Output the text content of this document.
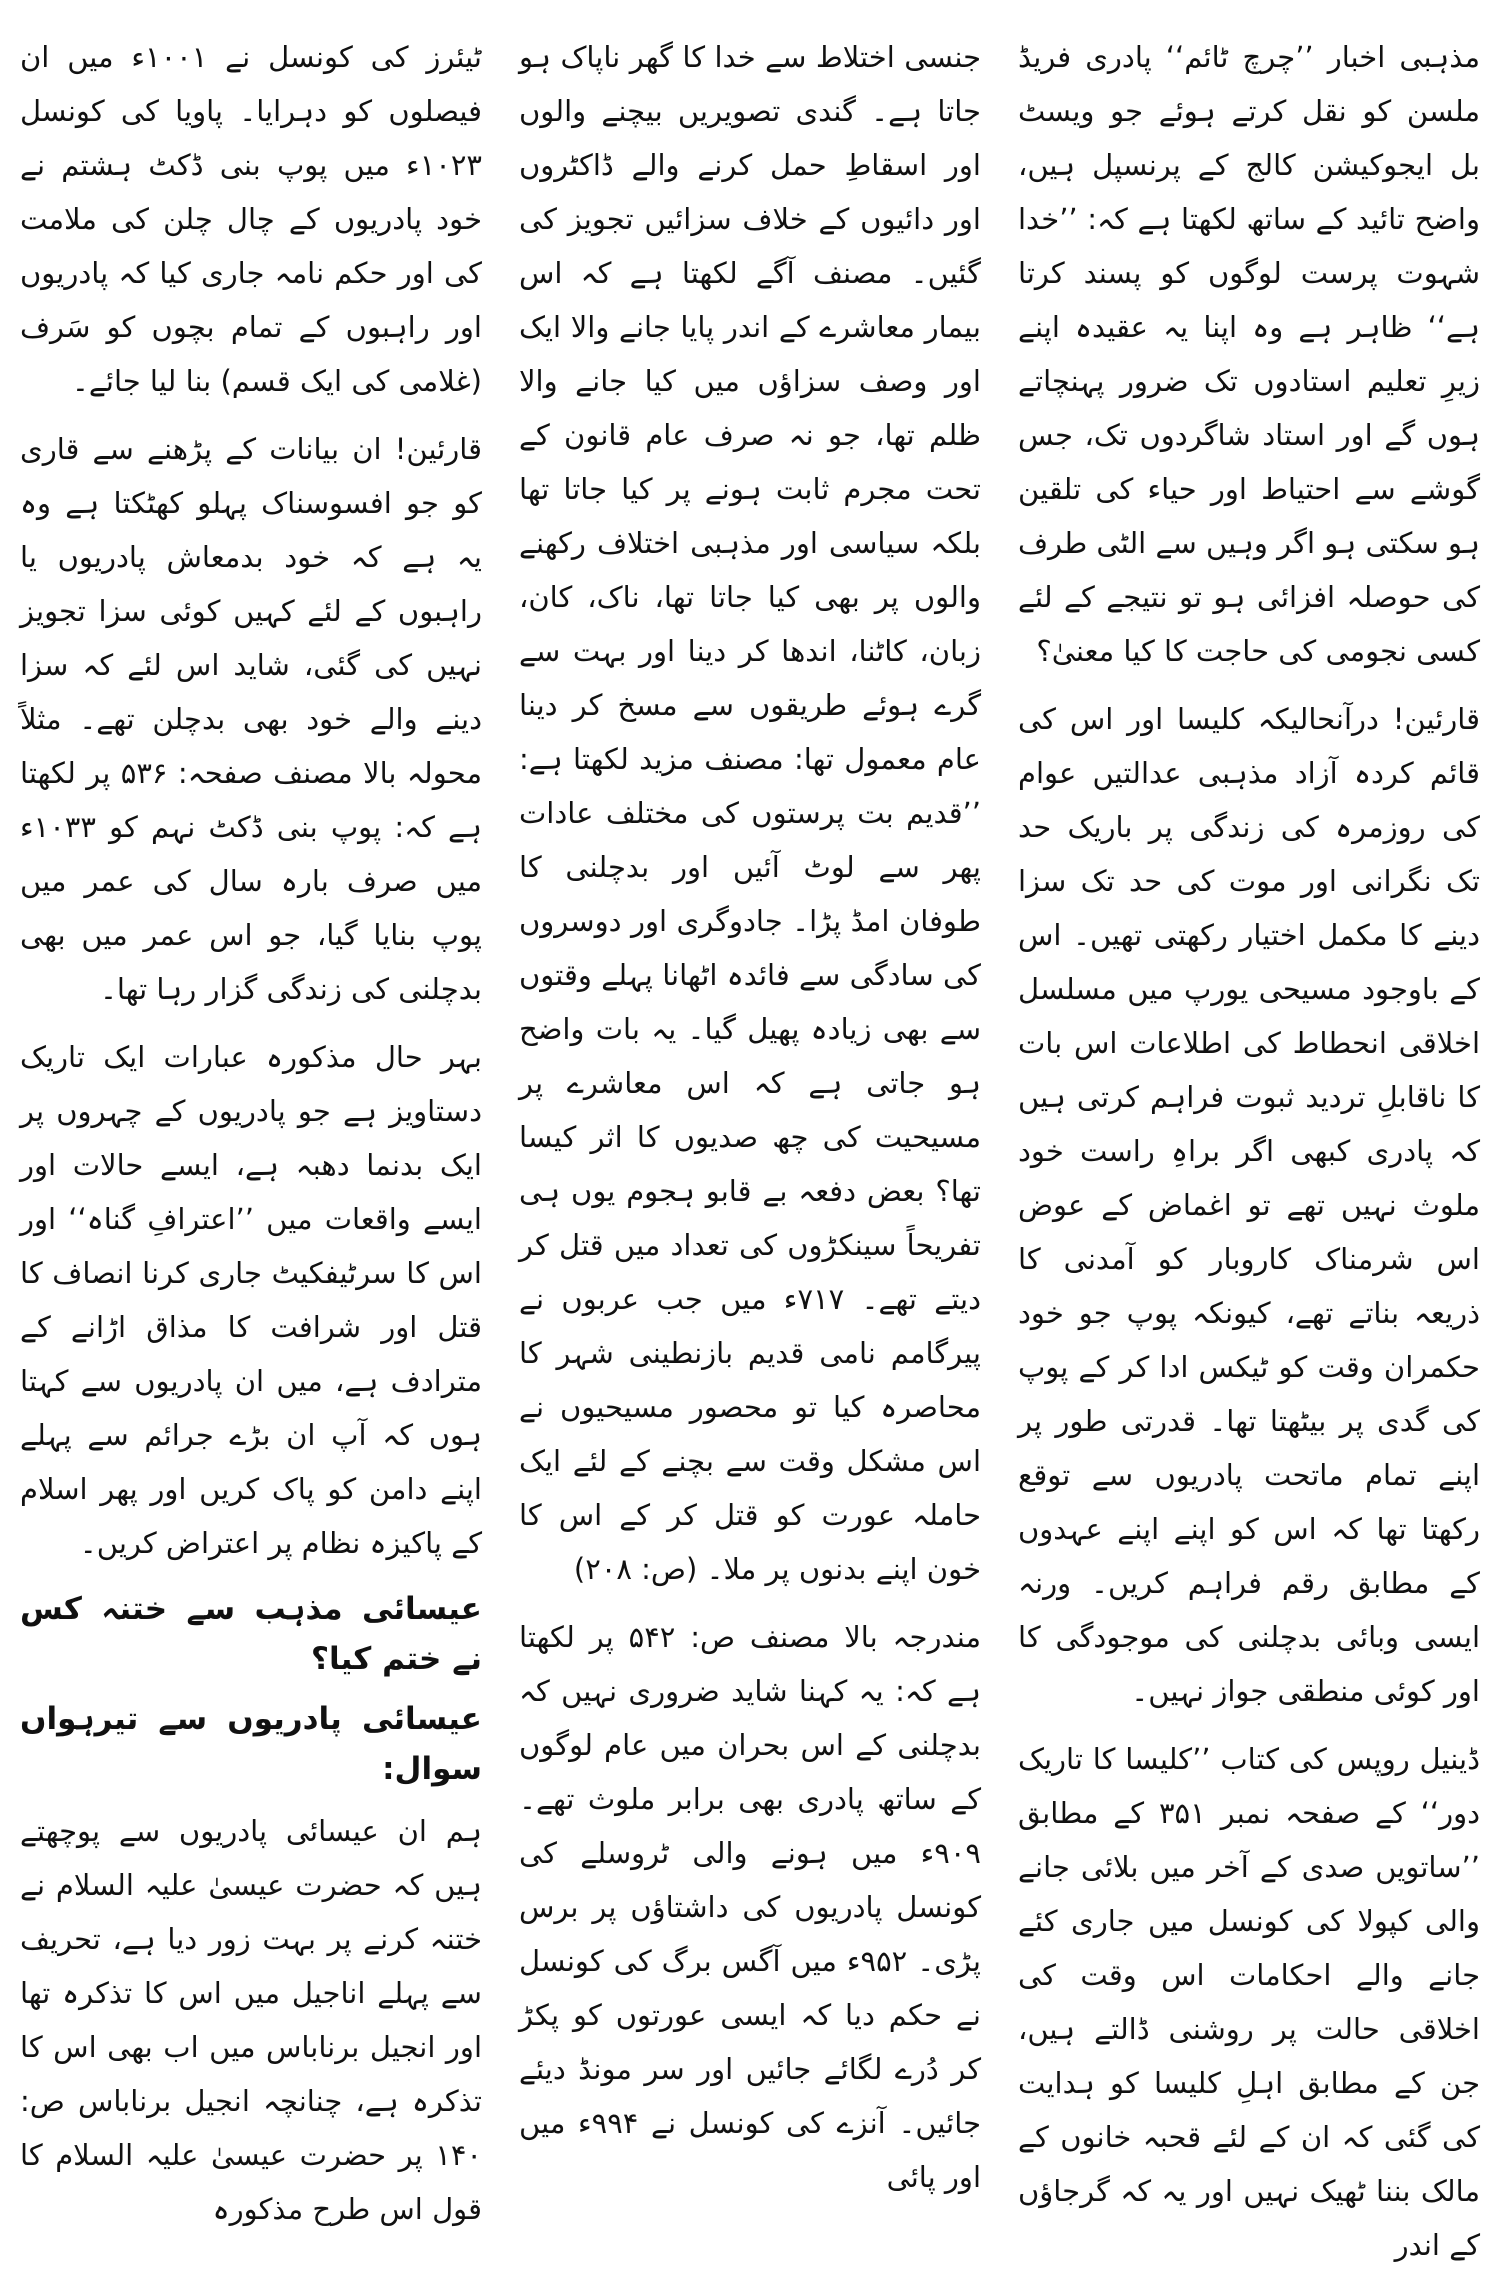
مذہبی اخبار ’’چرچ ٹائم‘‘ پادری فریڈ ملسن کو نقل کرتے ہوئے جو ویسٹ بل ایجوکیشن کالج کے پرنسپل ہیں، واضح تائید کے ساتھ لکھتا ہے کہ: ’’خدا شہوت پرست لوگوں کو پسند کرتا ہے‘‘ ظاہر ہے وہ اپنا یہ عقیدہ اپنے زیرِ تعلیم استادوں تک ضرور پہنچاتے ہوں گے اور استاد شاگردوں تک، جس گوشے سے احتیاط اور حیاء کی تلقین ہو سکتی ہو اگر وہیں سے الٹی طرف کی حوصلہ افزائی ہو تو نتیجے کے لئے کسی نجومی کی حاجت کا کیا معنیٰ؟

قارئین! درآنحالیکہ کلیسا اور اس کی قائم کردہ آزاد مذہبی عدالتیں عوام کی روزمرہ کی زندگی پر باریک حد تک نگرانی اور موت کی حد تک سزا دینے کا مکمل اختیار رکھتی تھیں۔ اس کے باوجود مسیحی یورپ میں مسلسل اخلاقی انحطاط کی اطلاعات اس بات کا ناقابلِ تردید ثبوت فراہم کرتی ہیں کہ پادری کبھی اگر براہِ راست خود ملوث نہیں تھے تو اغماض کے عوض اس شرمناک کاروبار کو آمدنی کا ذریعہ بناتے تھے، کیونکہ پوپ جو خود حکمران وقت کو ٹیکس ادا کر کے پوپ کی گدی پر بیٹھتا تھا۔ قدرتی طور پر اپنے تمام ماتحت پادریوں سے توقع رکھتا تھا کہ اس کو اپنے اپنے عہدوں کے مطابق رقم فراہم کریں۔ ورنہ ایسی وبائی بدچلنی کی موجودگی کا اور کوئی منطقی جواز نہیں۔

ڈینیل روپس کی کتاب ’’کلیسا کا تاریک دور‘‘ کے صفحہ نمبر ۳۵۱ کے مطابق ’’ساتویں صدی کے آخر میں بلائی جانے والی کپولا کی کونسل میں جاری کئے جانے والے احکامات اس وقت کی اخلاقی حالت پر روشنی ڈالتے ہیں، جن کے مطابق اہلِ کلیسا کو ہدایت کی گئی کہ ان کے لئے قحبہ خانوں کے مالک بننا ٹھیک نہیں اور یہ کہ گرجاؤں کے اندر

جنسی اختلاط سے خدا کا گھر ناپاک ہو جاتا ہے۔ گندی تصویریں بیچنے والوں اور اسقاطِ حمل کرنے والے ڈاکٹروں اور دائیوں کے خلاف سزائیں تجویز کی گئیں۔ مصنف آگے لکھتا ہے کہ اس بیمار معاشرے کے اندر پایا جانے والا ایک اور وصف سزاؤں میں کیا جانے والا ظلم تھا، جو نہ صرف عام قانون کے تحت مجرم ثابت ہونے پر کیا جاتا تھا بلکہ سیاسی اور مذہبی اختلاف رکھنے والوں پر بھی کیا جاتا تھا، ناک، کان، زبان، کاٹنا، اندھا کر دینا اور بہت سے گرے ہوئے طریقوں سے مسخ کر دینا عام معمول تھا: مصنف مزید لکھتا ہے: ’’قدیم بت پرستوں کی مختلف عادات پھر سے لوٹ آئیں اور بدچلنی کا طوفان امڈ پڑا۔ جادوگری اور دوسروں کی سادگی سے فائدہ اٹھانا پہلے وقتوں سے بھی زیادہ پھیل گیا۔ یہ بات واضح ہو جاتی ہے کہ اس معاشرے پر مسیحیت کی چھ صدیوں کا اثر کیسا تھا؟ بعض دفعہ بے قابو ہجوم یوں ہی تفریحاً سینکڑوں کی تعداد میں قتل کر دیتے تھے۔ ۷۱۷ء میں جب عربوں نے پیرگامم نامی قدیم بازنطینی شہر کا محاصرہ کیا تو محصور مسیحیوں نے اس مشکل وقت سے بچنے کے لئے ایک حاملہ عورت کو قتل کر کے اس کا خون اپنے بدنوں پر ملا۔ (ص: ۲۰۸)

مندرجہ بالا مصنف ص: ۵۴۲ پر لکھتا ہے کہ: یہ کہنا شاید ضروری نہیں کہ بدچلنی کے اس بحران میں عام لوگوں کے ساتھ پادری بھی برابر ملوث تھے۔ ۹۰۹ء میں ہونے والی ٹروسلے کی کونسل پادریوں کی داشتاؤں پر برس پڑی۔ ۹۵۲ء میں آگس برگ کی کونسل نے حکم دیا کہ ایسی عورتوں کو پکڑ کر دُرے لگائے جائیں اور سر مونڈ دیئے جائیں۔ آنزے کی کونسل نے ۹۹۴ء میں اور پائی

ٹیئرز کی کونسل نے ۱۰۰۱ء میں ان فیصلوں کو دہرایا۔ پاویا کی کونسل ۱۰۲۳ء میں پوپ بنی ڈکٹ ہشتم نے خود پادریوں کے چال چلن کی ملامت کی اور حکم نامہ جاری کیا کہ پادریوں اور راہبوں کے تمام بچوں کو سَرف (غلامی کی ایک قسم) بنا لیا جائے۔

قارئین! ان بیانات کے پڑھنے سے قاری کو جو افسوسناک پہلو کھٹکتا ہے وہ یہ ہے کہ خود بدمعاش پادریوں یا راہبوں کے لئے کہیں کوئی سزا تجویز نہیں کی گئی، شاید اس لئے کہ سزا دینے والے خود بھی بدچلن تھے۔ مثلاً محولہ بالا مصنف صفحہ: ۵۳۶ پر لکھتا ہے کہ: پوپ بنی ڈکٹ نہم کو ۱۰۳۳ء میں صرف بارہ سال کی عمر میں پوپ بنایا گیا، جو اس عمر میں بھی بدچلنی کی زندگی گزار رہا تھا۔

بہر حال مذکورہ عبارات ایک تاریک دستاویز ہے جو پادریوں کے چہروں پر ایک بدنما دھبہ ہے، ایسے حالات اور ایسے واقعات میں ’’اعترافِ گناہ‘‘ اور اس کا سرٹیفکیٹ جاری کرنا انصاف کا قتل اور شرافت کا مذاق اڑانے کے مترادف ہے، میں ان پادریوں سے کہتا ہوں کہ آپ ان بڑے جرائم سے پہلے اپنے دامن کو پاک کریں اور پھر اسلام کے پاکیزہ نظام پر اعتراض کریں۔

عیسائی مذہب سے ختنہ کس نے ختم کیا؟
عیسائی پادریوں سے تیرہواں سوال:

ہم ان عیسائی پادریوں سے پوچھتے ہیں کہ حضرت عیسیٰ علیہ السلام نے ختنہ کرنے پر بہت زور دیا ہے، تحریف سے پہلے اناجیل میں اس کا تذکرہ تھا اور انجیل برناباس میں اب بھی اس کا تذکرہ ہے، چنانچہ انجیل برناباس ص: ۱۴۰ پر حضرت عیسیٰ علیہ السلام کا قول اس طرح مذکورہ
